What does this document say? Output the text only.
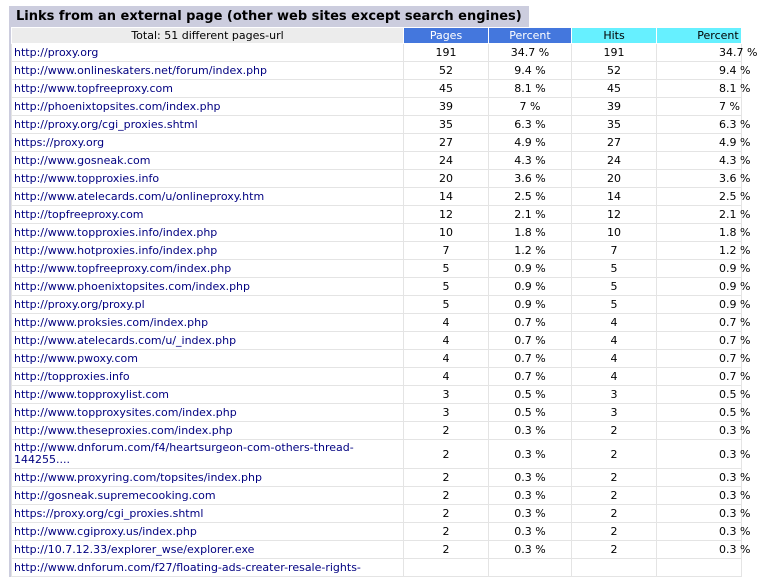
Links from an external page (other web sites except search engines)
Total: 51 different pages-url	Pages	Percent	Hits	Percent
http://proxy.org	191	34.7 %	191	34.7 %
http://www.onlineskaters.net/forum/index.php	52	9.4 %	52	9.4 %
http://www.topfreeproxy.com	45	8.1 %	45	8.1 %
http://phoenixtopsites.com/index.php	39	7 %	39	7 %
http://proxy.org/cgi_proxies.shtml	35	6.3 %	35	6.3 %
https://proxy.org	27	4.9 %	27	4.9 %
http://www.gosneak.com	24	4.3 %	24	4.3 %
http://www.topproxies.info	20	3.6 %	20	3.6 %
http://www.atelecards.com/u/onlineproxy.htm	14	2.5 %	14	2.5 %
http://topfreeproxy.com	12	2.1 %	12	2.1 %
http://www.topproxies.info/index.php	10	1.8 %	10	1.8 %
http://www.hotproxies.info/index.php	7	1.2 %	7	1.2 %
http://www.topfreeproxy.com/index.php	5	0.9 %	5	0.9 %
http://www.phoenixtopsites.com/index.php	5	0.9 %	5	0.9 %
http://proxy.org/proxy.pl	5	0.9 %	5	0.9 %
http://www.proksies.com/index.php	4	0.7 %	4	0.7 %
http://www.atelecards.com/u/_index.php	4	0.7 %	4	0.7 %
http://www.pwoxy.com	4	0.7 %	4	0.7 %
http://topproxies.info	4	0.7 %	4	0.7 %
http://www.topproxylist.com	3	0.5 %	3	0.5 %
http://www.topproxysites.com/index.php	3	0.5 %	3	0.5 %
http://www.theseproxies.com/index.php	2	0.3 %	2	0.3 %
http://www.dnforum.com/f4/heartsurgeon-com-others-thread-144255....	2	0.3 %	2	0.3 %
http://www.proxyring.com/topsites/index.php	2	0.3 %	2	0.3 %
http://gosneak.supremecooking.com	2	0.3 %	2	0.3 %
https://proxy.org/cgi_proxies.shtml	2	0.3 %	2	0.3 %
http://www.cgiproxy.us/index.php	2	0.3 %	2	0.3 %
http://10.7.12.33/explorer_wse/explorer.exe	2	0.3 %	2	0.3 %
http://www.dnforum.com/f27/floating-ads-creater-resale-rights-				
